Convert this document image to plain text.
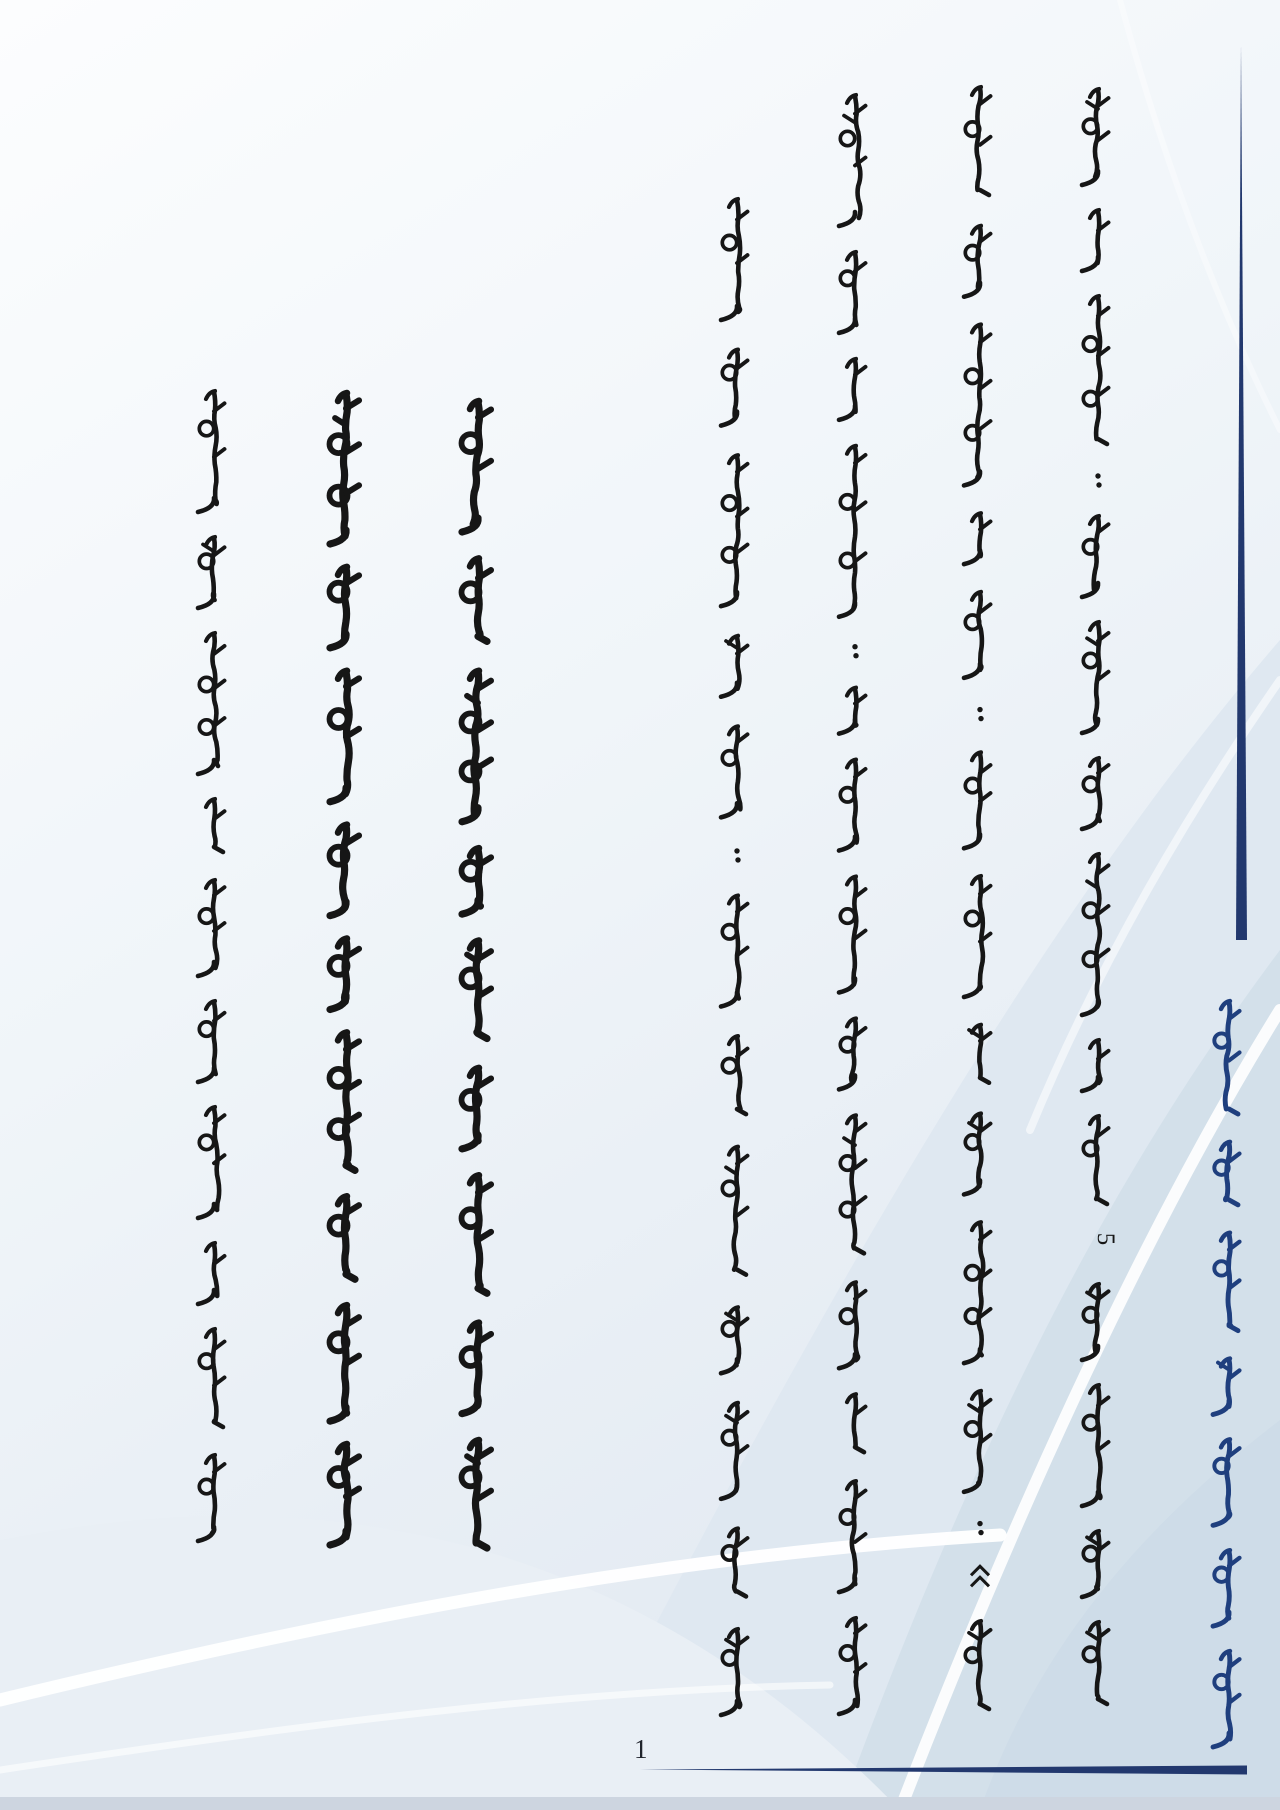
5
1
